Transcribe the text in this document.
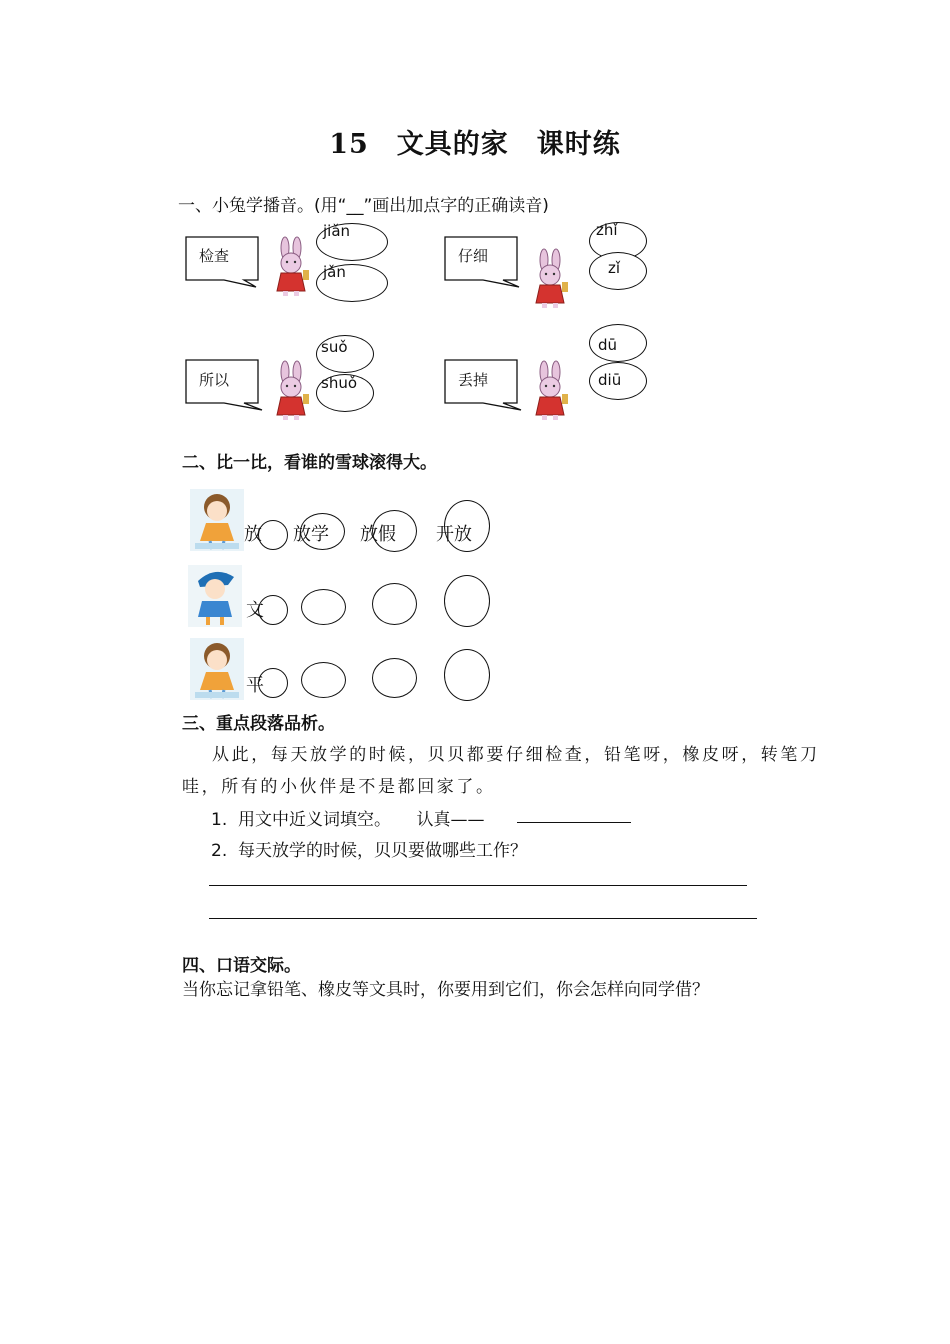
15　文具的家　课时练
一、小兔学播音。(用“__”画出加点字的正确读音)
检查
jiǎn
jǎn
仔细
zhǐ
zǐ
所以
suǒ
shuǒ	丢掉
dū
diū
二、比一比，看谁的雪球滚得大。
放 放学 放假 开放
文
平
三、重点段落品析。
从此，每天放学的时候，贝贝都要仔细检查，铅笔呀，橡皮呀，转笔刀
哇，所有的小伙伴是不是都回家了。
1.  用文中近义词填空。　　认真——
2.  每天放学的时候，贝贝要做哪些工作？
四、口语交际。
当你忘记拿铅笔、橡皮等文具时，你要用到它们，你会怎样向同学借？
